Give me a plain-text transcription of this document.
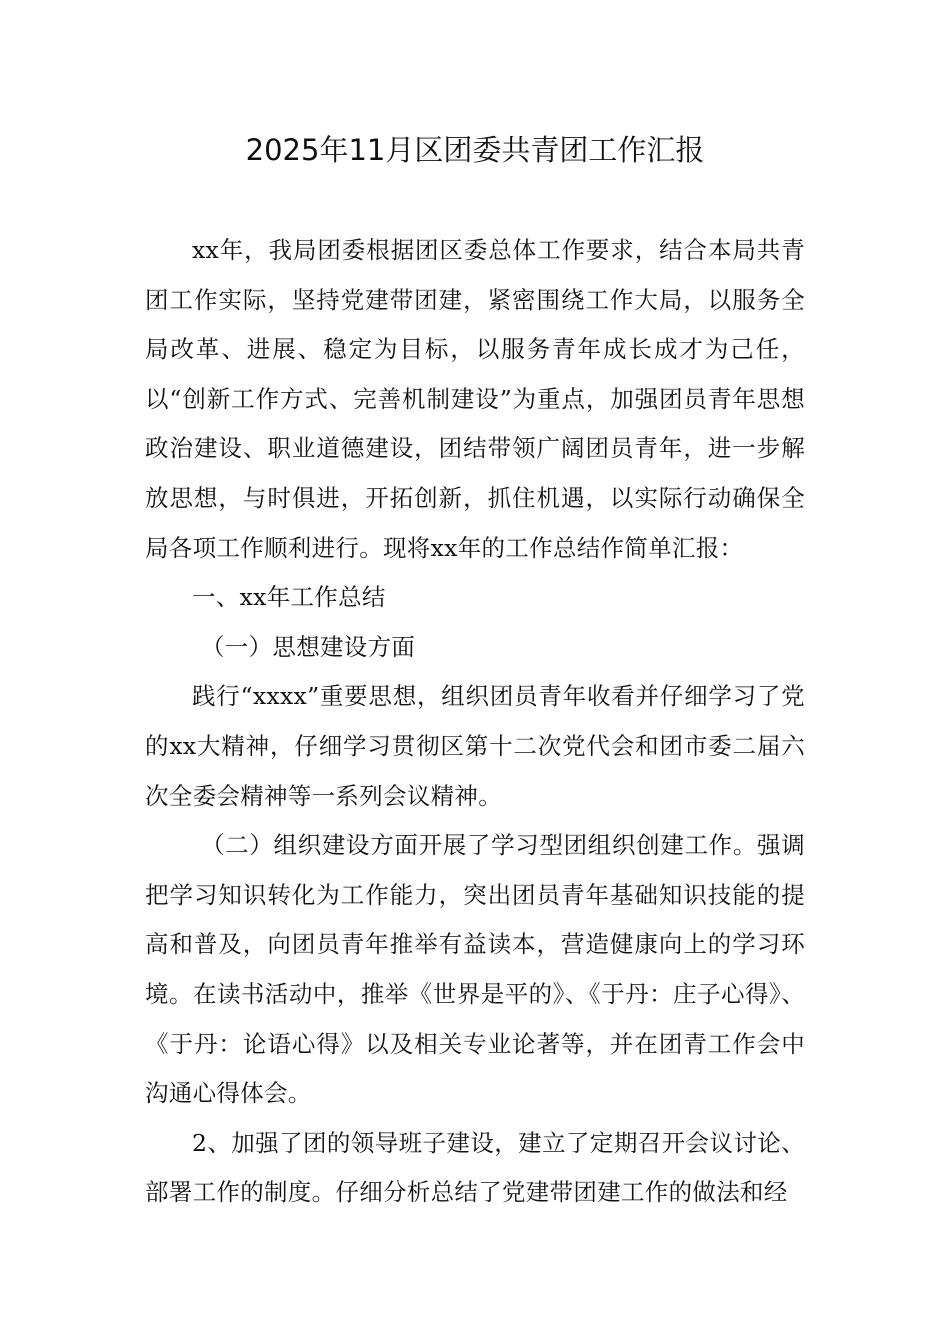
2025年11月区团委共青团工作汇报

xx年，我局团委根据团区委总体工作要求，结合本局共青团工作实际，坚持党建带团建，紧密围绕工作大局，以服务全局改革、进展、稳定为目标，以服务青年成长成才为己任，以“创新工作方式、完善机制建设”为重点，加强团员青年思想政治建设、职业道德建设，团结带领广阔团员青年，进一步解放思想，与时俱进，开拓创新，抓住机遇，以实际行动确保全局各项工作顺利进行。现将xx年的工作总结作简单汇报：

一、xx年工作总结

（一）思想建设方面

践行“xxxx”重要思想，组织团员青年收看并仔细学习了党的xx大精神，仔细学习贯彻区第十二次党代会和团市委二届六次全委会精神等一系列会议精神。

（二）组织建设方面开展了学习型团组织创建工作。强调把学习知识转化为工作能力，突出团员青年基础知识技能的提高和普及，向团员青年推举有益读本，营造健康向上的学习环境。在读书活动中，推举《世界是平的》、《于丹：庄子心得》、《于丹：论语心得》以及相关专业论著等，并在团青工作会中沟通心得体会。

2、加强了团的领导班子建设，建立了定期召开会议讨论、部署工作的制度。仔细分析总结了党建带团建工作的做法和经
